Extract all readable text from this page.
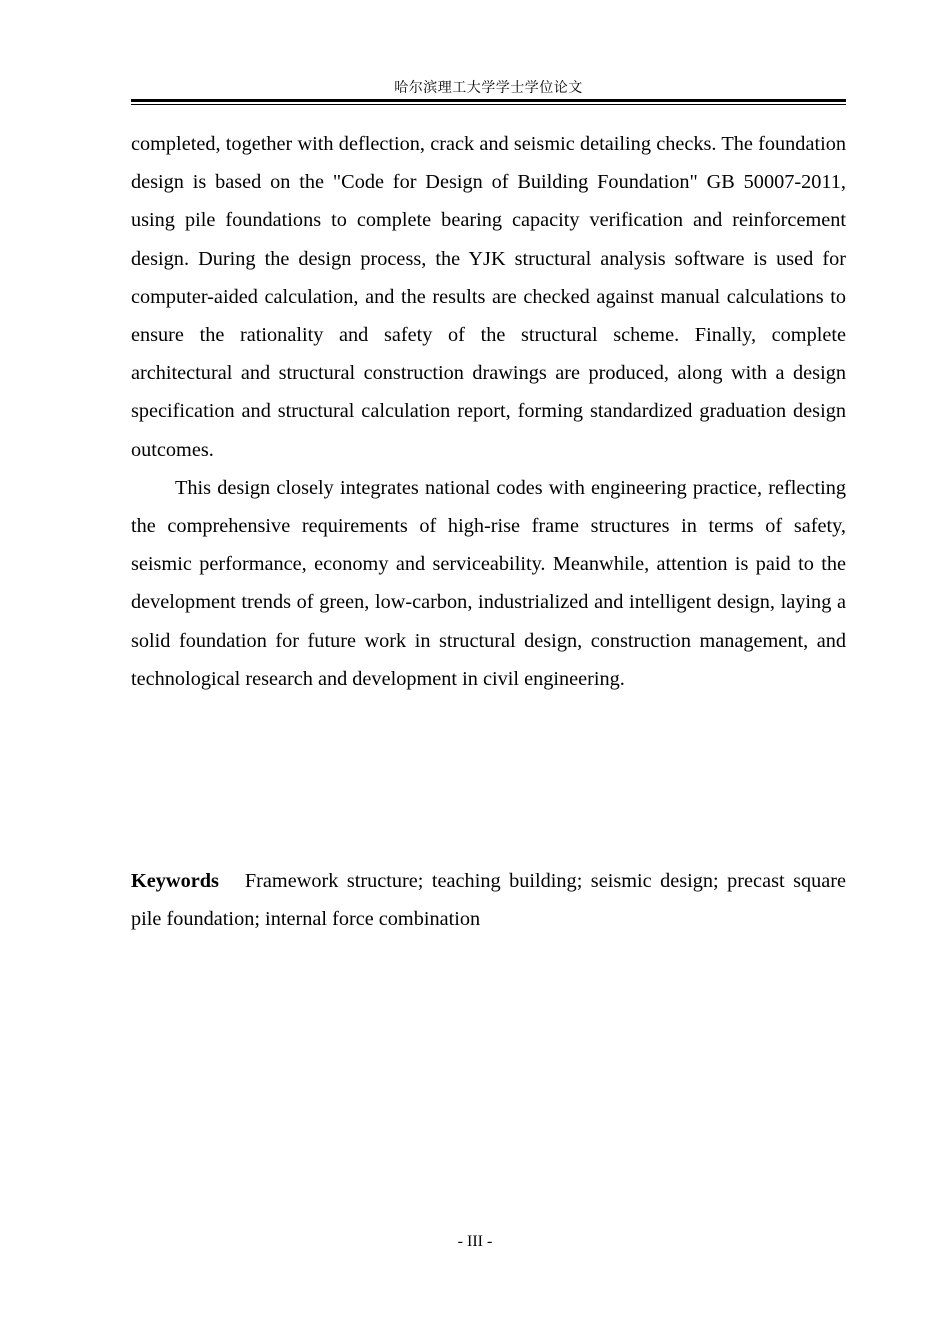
哈尔滨理工大学学士学位论文

completed, together with deflection, crack and seismic detailing checks. The foundation design is based on the "Code for Design of Building Foundation" GB 50007-2011, using pile foundations to complete bearing capacity verification and reinforcement design. During the design process, the YJK structural analysis software is used for computer-aided calculation, and the results are checked against manual calculations to ensure the rationality and safety of the structural scheme. Finally, complete architectural and structural construction drawings are produced, along with a design specification and structural calculation report, forming standardized graduation design outcomes.

This design closely integrates national codes with engineering practice, reflecting the comprehensive requirements of high-rise frame structures in terms of safety, seismic performance, economy and serviceability. Meanwhile, attention is paid to the development trends of green, low-carbon, industrialized and intelligent design, laying a solid foundation for future work in structural design, construction management, and technological research and development in civil engineering.

Keywords Framework structure; teaching building; seismic design; precast square pile foundation; internal force combination

- III -
